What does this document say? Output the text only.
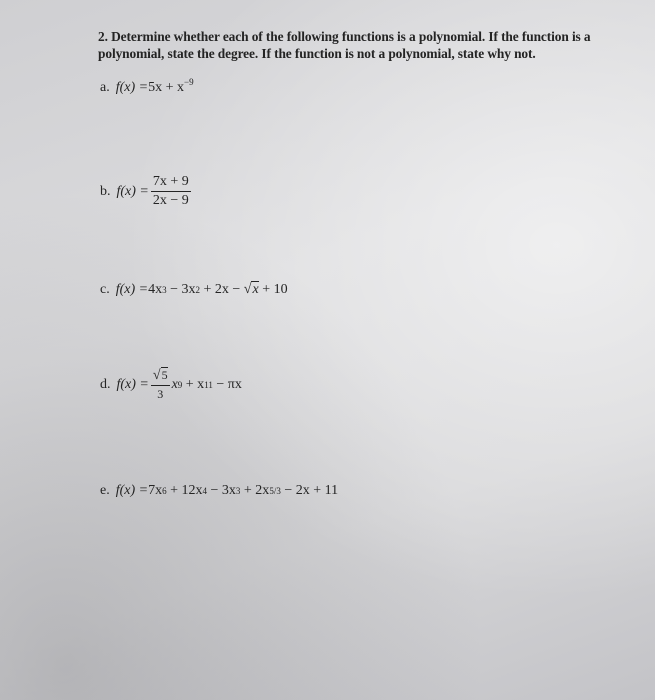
2. Determine whether each of the following functions is a polynomial. If the function is a polynomial, state the degree. If the function is not a polynomial, state why not.
a. $f(x) = 5x + x^{-9}$
b. $f(x) = \frac{7x + 9}{2x - 9}$
c. f(x) = 4x 3 − 3x 2 + 2x − √x + 10
d. $f(x) = \frac{√5}{3}$ x 9 + x 11 − πx
e. f(x) = 7x 6 + 12x 4 − 3x 3 + 2x 5/3 − 2x + 11
